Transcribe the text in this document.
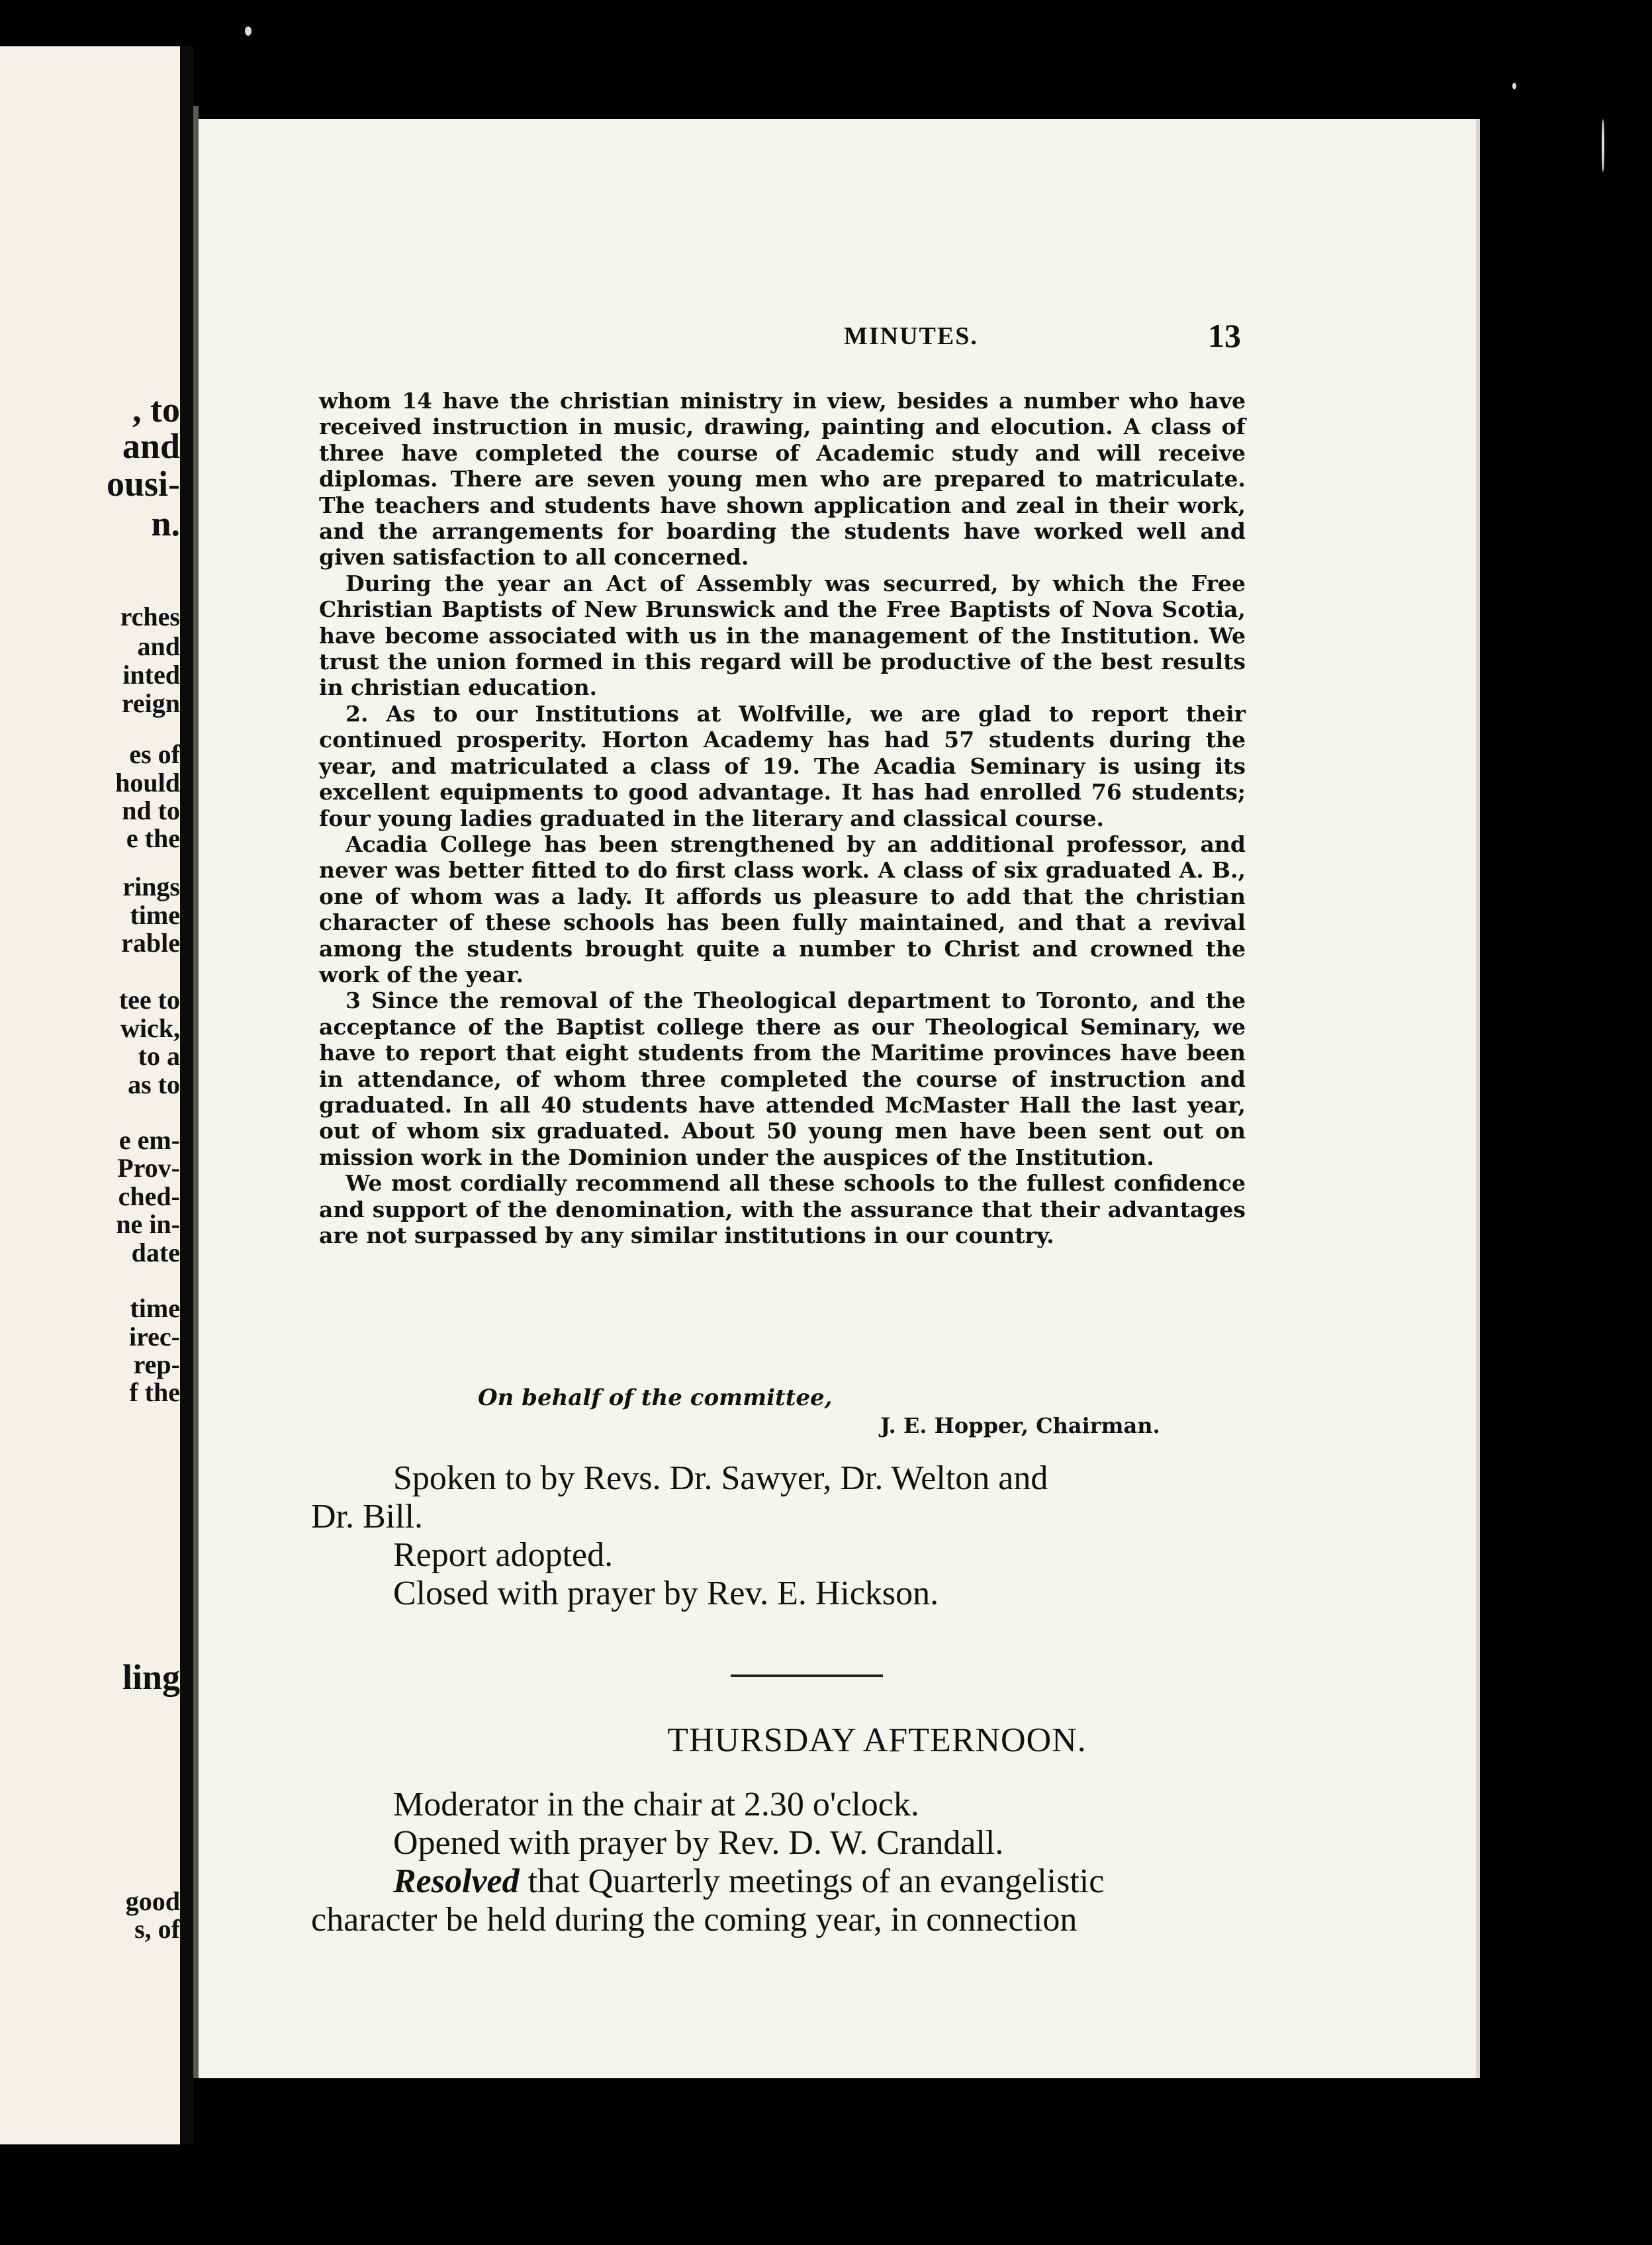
, to
and
ousi-
n.
rches
and
inted
reign
es of
hould
nd to
e the
rings
time
rable
tee to
wick,
to a
as to
e em-
Prov-
ched-
ne in-
date
time
irec-
rep-
f the
ling
good
s, of
MINUTES.	13

whom 14 have the christian ministry in view, besides a number who have received instruction in music, drawing, painting and elocution. A class of three have completed the course of Academic study and will receive diplomas. There are seven young men who are prepared to matriculate. The teachers and students have shown application and zeal in their work, and the arrangements for boarding the students have worked well and given satisfaction to all concerned.

During the year an Act of Assembly was securred, by which the Free Christian Baptists of New Brunswick and the Free Baptists of Nova Scotia, have become associated with us in the management of the Institution. We trust the union formed in this regard will be productive of the best results in christian education.

2. As to our Institutions at Wolfville, we are glad to report their continued prosperity. Horton Academy has had 57 students during the year, and matriculated a class of 19. The Acadia Seminary is using its excellent equipments to good advantage. It has had enrolled 76 students; four young ladies graduated in the literary and classical course.

Acadia College has been strengthened by an additional professor, and never was better fitted to do first class work. A class of six graduated A. B., one of whom was a lady. It affords us pleasure to add that the christian character of these schools has been fully maintained, and that a revival among the students brought quite a number to Christ and crowned the work of the year.

3 Since the removal of the Theological department to Toronto, and the acceptance of the Baptist college there as our Theological Seminary, we have to report that eight students from the Maritime provinces have been in attendance, of whom three completed the course of instruction and graduated. In all 40 students have attended McMaster Hall the last year, out of whom six graduated. About 50 young men have been sent out on mission work in the Dominion under the auspices of the Institution.

We most cordially recommend all these schools to the fullest confidence and support of the denomination, with the assurance that their advantages are not surpassed by any similar institutions in our country.

On behalf of the committee,
J. E. Hopper, Chairman.

Spoken to by Revs. Dr. Sawyer, Dr. Welton and

Dr. Bill.

Report adopted.

Closed with prayer by Rev. E. Hickson.

THURSDAY AFTERNOON.

Moderator in the chair at 2.30 o'clock.

Opened with prayer by Rev. D. W. Crandall.

Resolved that Quarterly meetings of an evangelistic

character be held during the coming year, in connection
